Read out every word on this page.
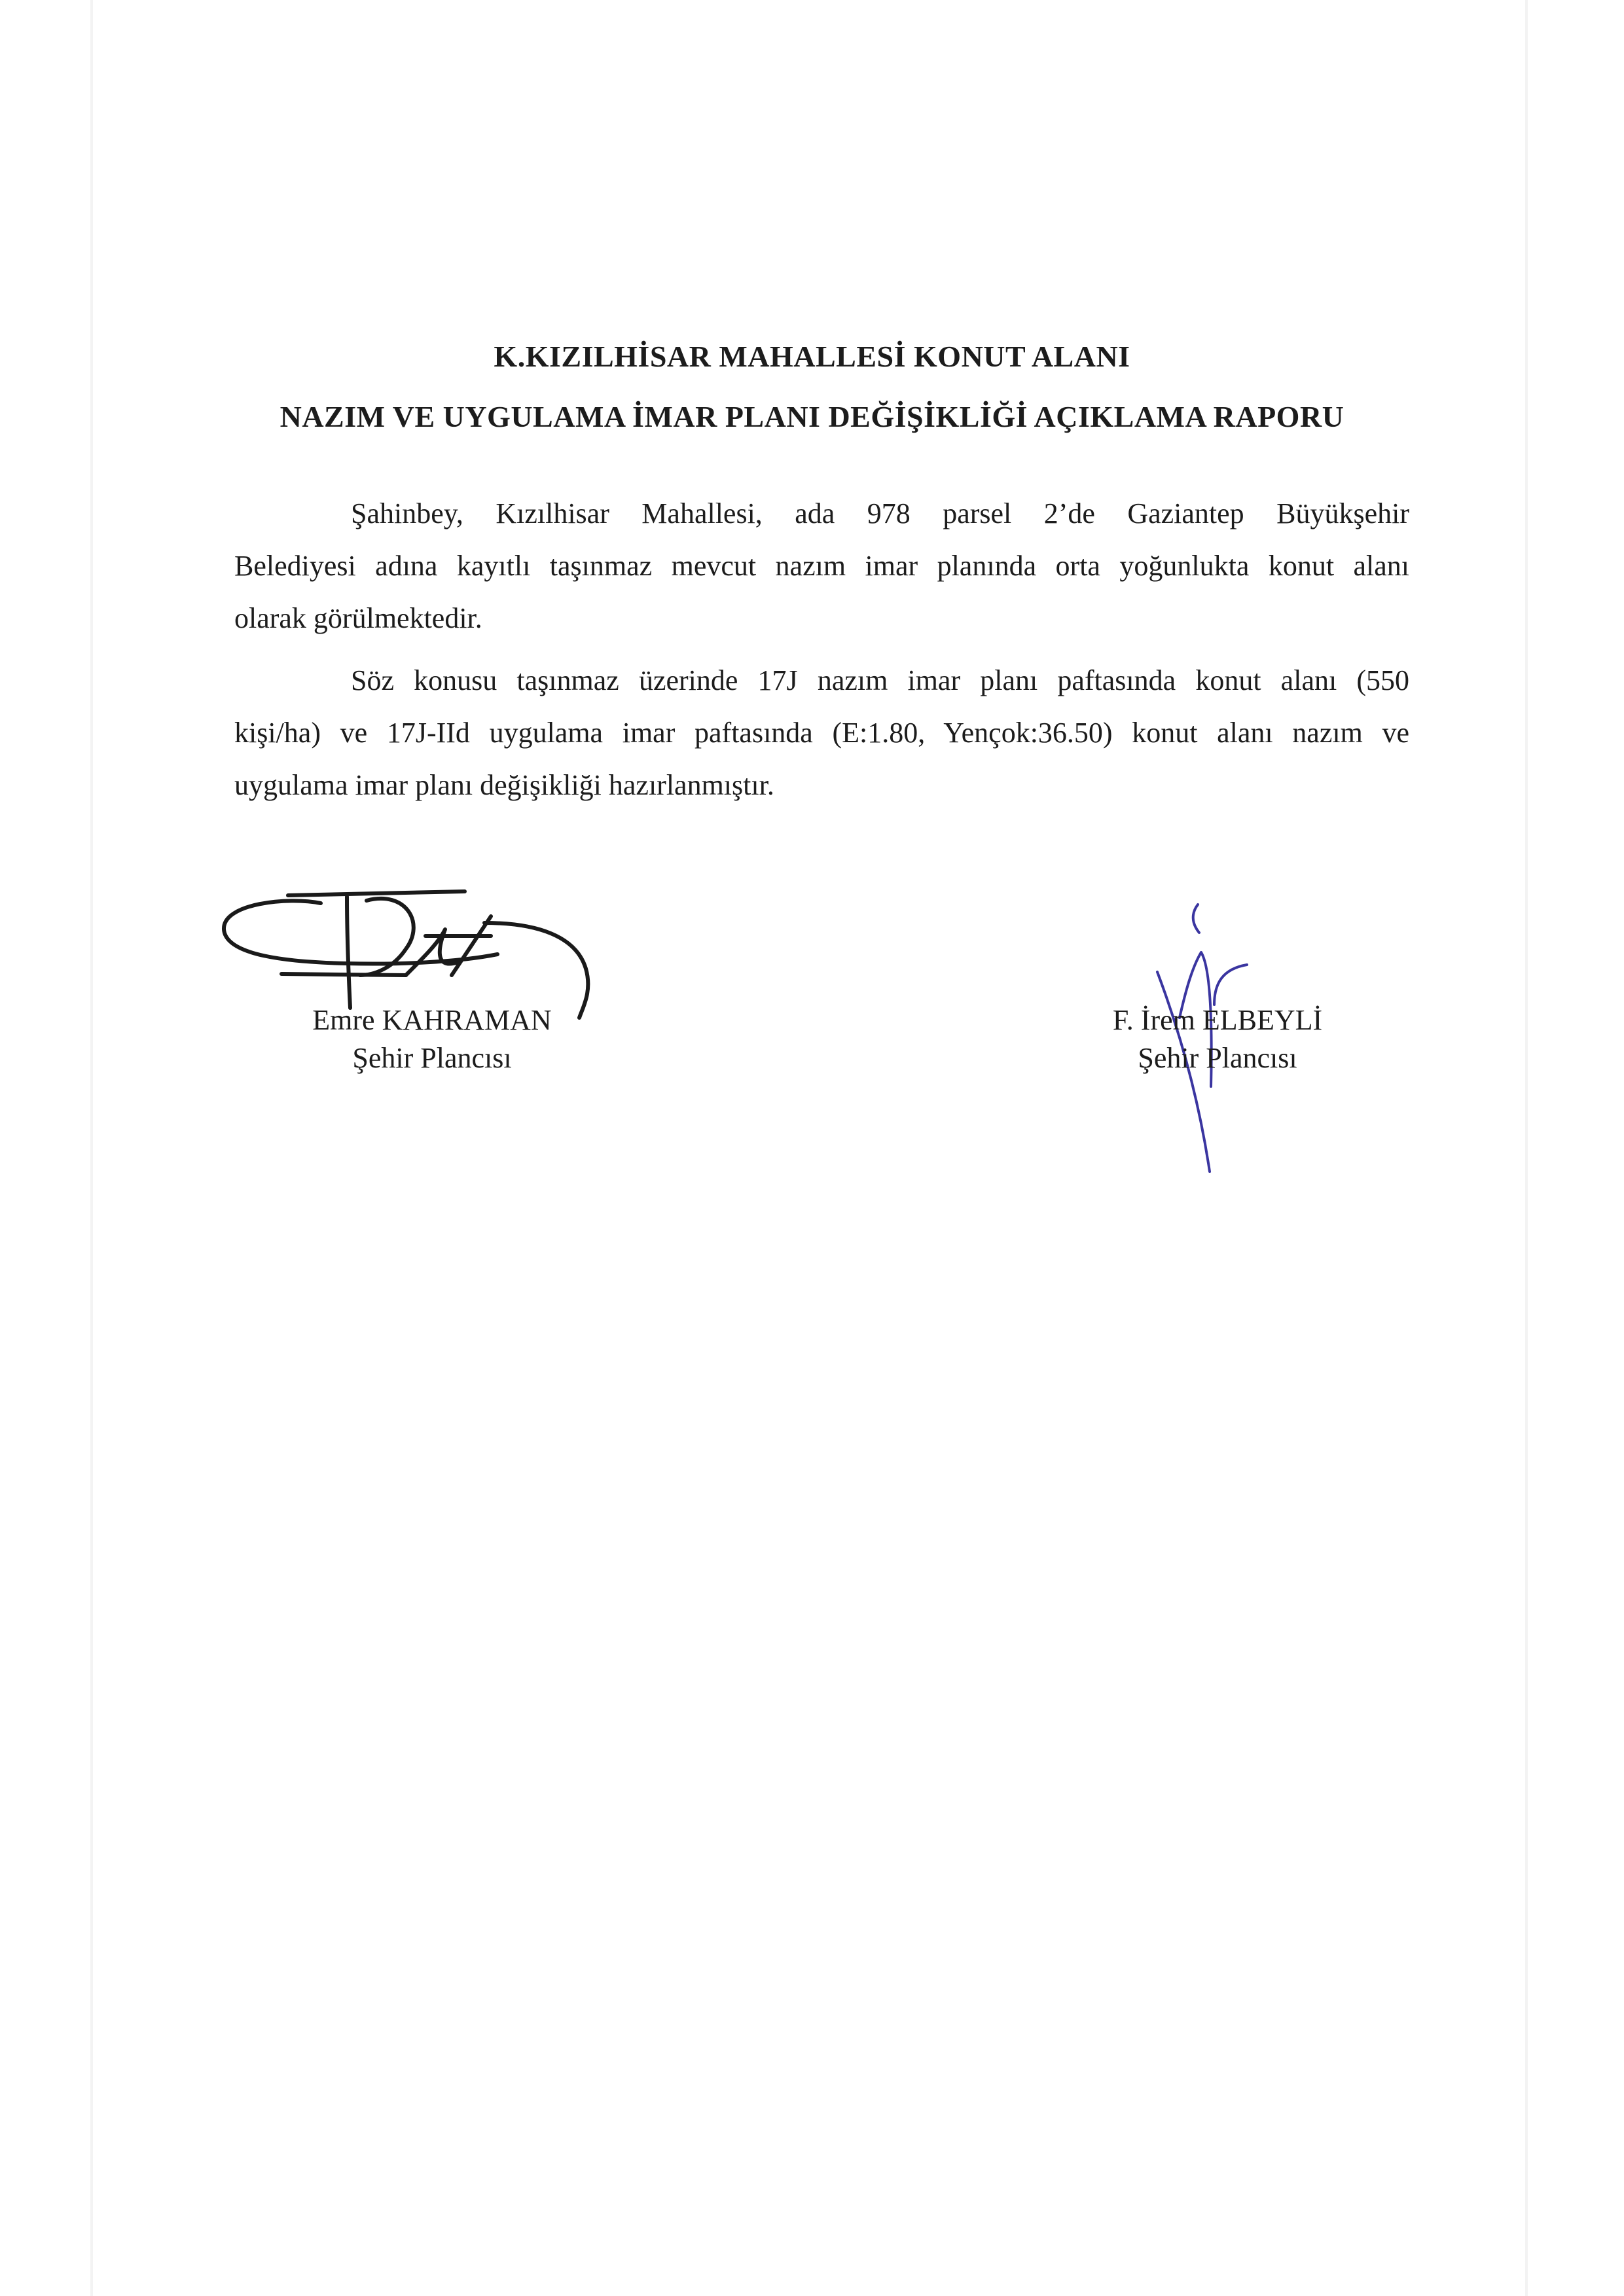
K.KIZILHİSAR MAHALLESİ KONUT ALANI
NAZIM VE UYGULAMA İMAR PLANI DEĞİŞİKLİĞİ AÇIKLAMA RAPORU
Şahinbey, Kızılhisar Mahallesi, ada 978 parsel 2’de Gaziantep Büyükşehir
Belediyesi adına kayıtlı taşınmaz mevcut nazım imar planında orta yoğunlukta konut alanı
olarak görülmektedir.
Söz konusu taşınmaz üzerinde 17J nazım imar planı paftasında konut alanı (550
kişi/ha) ve 17J-IId uygulama imar paftasında (E:1.80, Yençok:36.50) konut alanı nazım ve
uygulama imar planı değişikliği hazırlanmıştır.
Emre KAHRAMAN
Şehir Plancısı
F. İrem ELBEYLİ
Şehir Plancısı
